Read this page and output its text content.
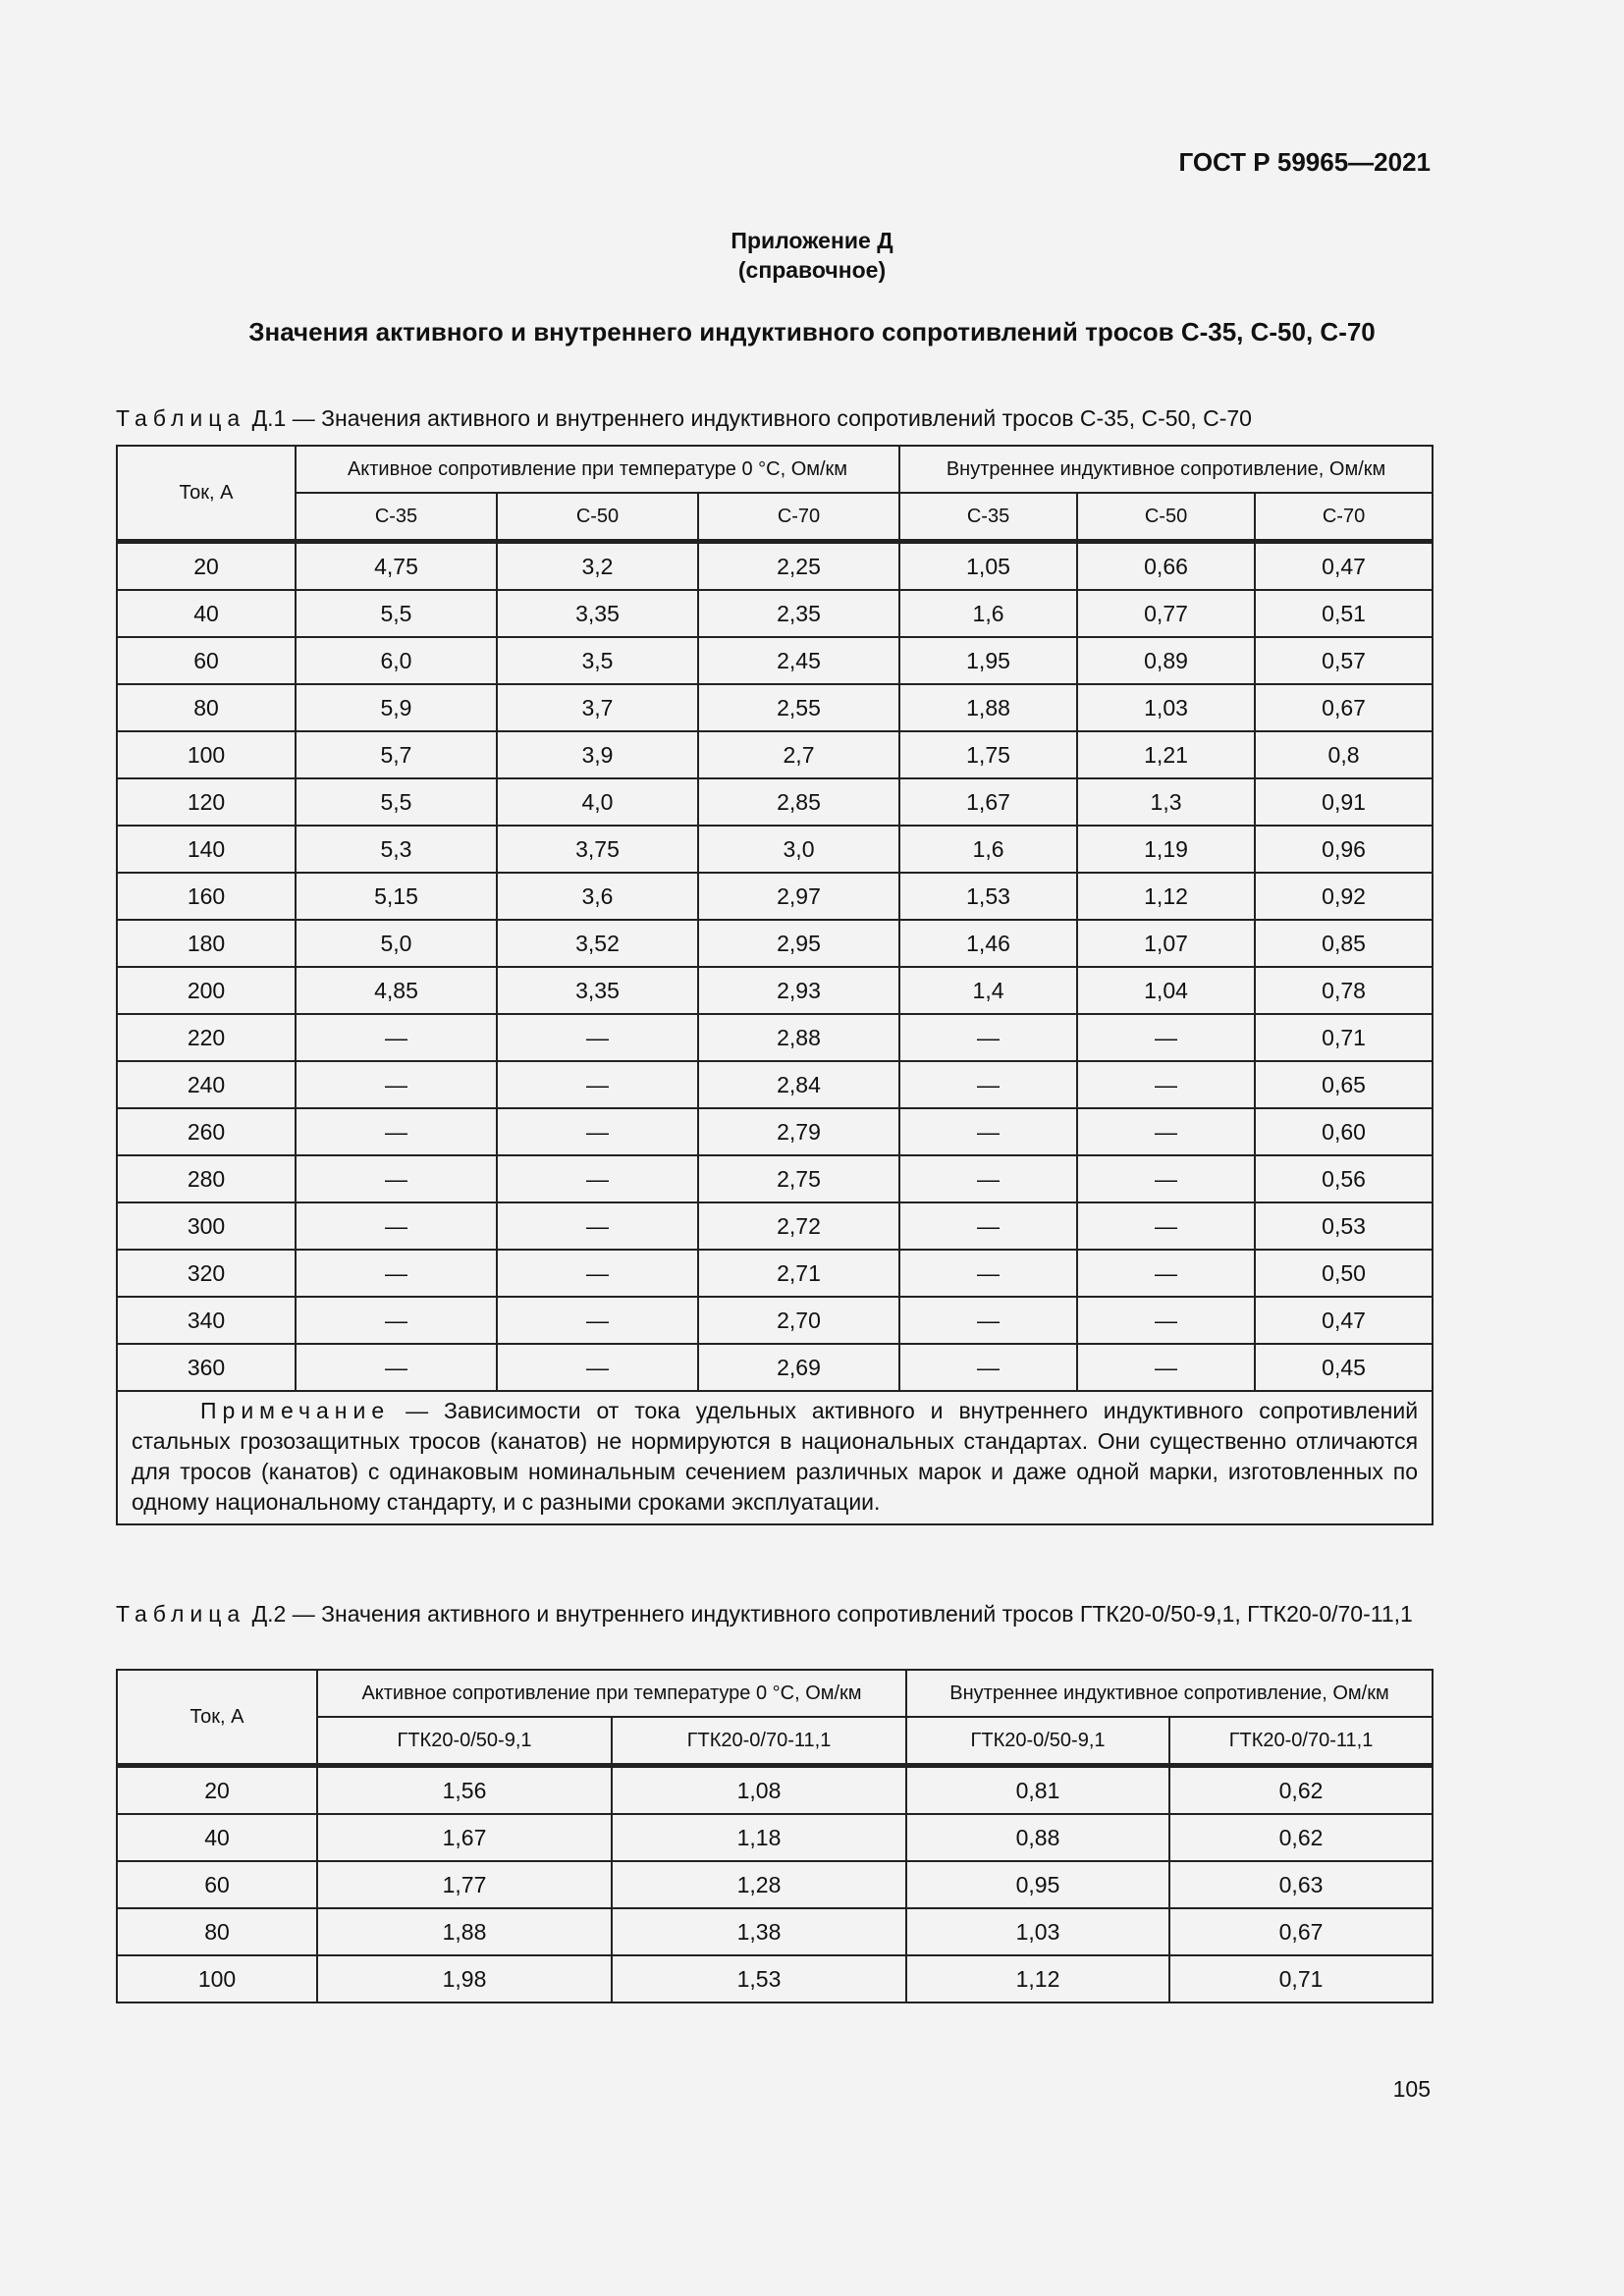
ГОСТ Р 59965—2021
Приложение Д
(справочное)
Значения активного и внутреннего индуктивного сопротивлений тросов С-35, С-50, С-70
Таблица Д.1 — Значения активного и внутреннего индуктивного сопротивлений тросов С-35, С-50, С-70
Ток, А	Активное сопротивление при температуре 0 °С, Ом/км			Внутреннее индуктивное сопротивление, Ом/км		
	С-35	С-50	С-70	С-35	С-50	С-70
20	4,75	3,2	2,25	1,05	0,66	0,47
40	5,5	3,35	2,35	1,6	0,77	0,51
60	6,0	3,5	2,45	1,95	0,89	0,57
80	5,9	3,7	2,55	1,88	1,03	0,67
100	5,7	3,9	2,7	1,75	1,21	0,8
120	5,5	4,0	2,85	1,67	1,3	0,91
140	5,3	3,75	3,0	1,6	1,19	0,96
160	5,15	3,6	2,97	1,53	1,12	0,92
180	5,0	3,52	2,95	1,46	1,07	0,85
200	4,85	3,35	2,93	1,4	1,04	0,78
220	—	—	2,88	—	—	0,71
240	—	—	2,84	—	—	0,65
260	—	—	2,79	—	—	0,60
280	—	—	2,75	—	—	0,56
300	—	—	2,72	—	—	0,53
320	—	—	2,71	—	—	0,50
340	—	—	2,70	—	—	0,47
360	—	—	2,69	—	—	0,45
Примечание — Зависимости от тока удельных активного и внутреннего индуктивного сопротивлений стальных грозозащитных тросов (канатов) не нормируются в национальных стандартах. Они существенно отличаются для тросов (канатов) с одинаковым номинальным сечением различных марок и даже одной марки, изготовленных по одному национальному стандарту, и с разными сроками эксплуатации.						
Таблица Д.2 — Значения активного и внутреннего индуктивного сопротивлений тросов ГТК20-0/50-9,1, ГТК20-0/70-11,1
Ток, А	Активное сопротивление при температуре 0 °С, Ом/км		Внутреннее индуктивное сопротивление, Ом/км	
	ГТК20-0/50-9,1	ГТК20-0/70-11,1	ГТК20-0/50-9,1	ГТК20-0/70-11,1
20	1,56	1,08	0,81	0,62
40	1,67	1,18	0,88	0,62
60	1,77	1,28	0,95	0,63
80	1,88	1,38	1,03	0,67
100	1,98	1,53	1,12	0,71
105
